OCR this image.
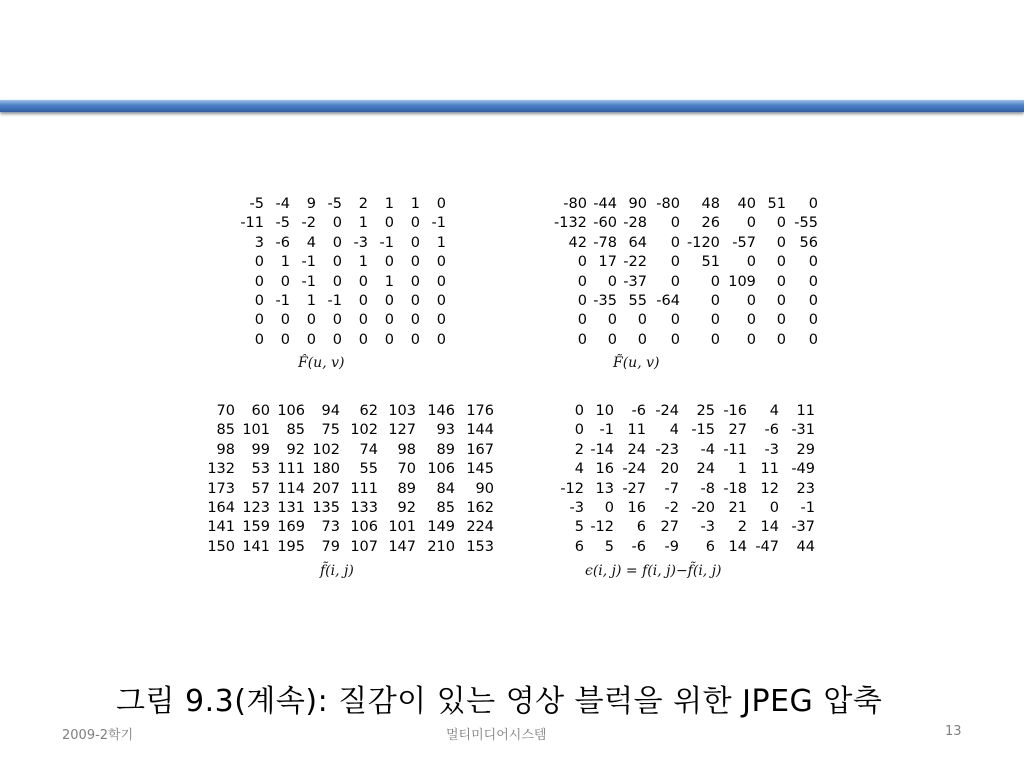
-5	-4	9	-5	2	1	1	0
-11	-5	-2	0	1	0	0	-1
3	-6	4	0	-3	-1	0	1
0	1	-1	0	1	0	0	0
0	0	-1	0	0	1	0	0
0	-1	1	-1	0	0	0	0
0	0	0	0	0	0	0	0
0	0	0	0	0	0	0	0
F̂(u, v)
-80	-44	90	-80	48	40	51	0
-132	-60	-28	0	26	0	0	-55
42	-78	64	0	-120	-57	0	56
0	17	-22	0	51	0	0	0
0	0	-37	0	0	109	0	0
0	-35	55	-64	0	0	0	0
0	0	0	0	0	0	0	0
0	0	0	0	0	0	0	0
F̃(u, v)
70	60	106	94	62	103	146	176
85	101	85	75	102	127	93	144
98	99	92	102	74	98	89	167
132	53	111	180	55	70	106	145
173	57	114	207	111	89	84	90
164	123	131	135	133	92	85	162
141	159	169	73	106	101	149	224
150	141	195	79	107	147	210	153
f̃(i, j)
0	10	-6	-24	25	-16	4	11
0	-1	11	4	-15	27	-6	-31
2	-14	24	-23	-4	-11	-3	29
4	16	-24	20	24	1	11	-49
-12	13	-27	-7	-8	-18	12	23
-3	0	16	-2	-20	21	0	-1
5	-12	6	27	-3	2	14	-37
6	5	-6	-9	6	14	-47	44
ϵ(i, j) = f(i, j)−f̃(i, j)
그림 9.3(계속): 질감이 있는 영상 블럭을 위한 JPEG 압축
2009-2학기	멀티미디어시스템	13
